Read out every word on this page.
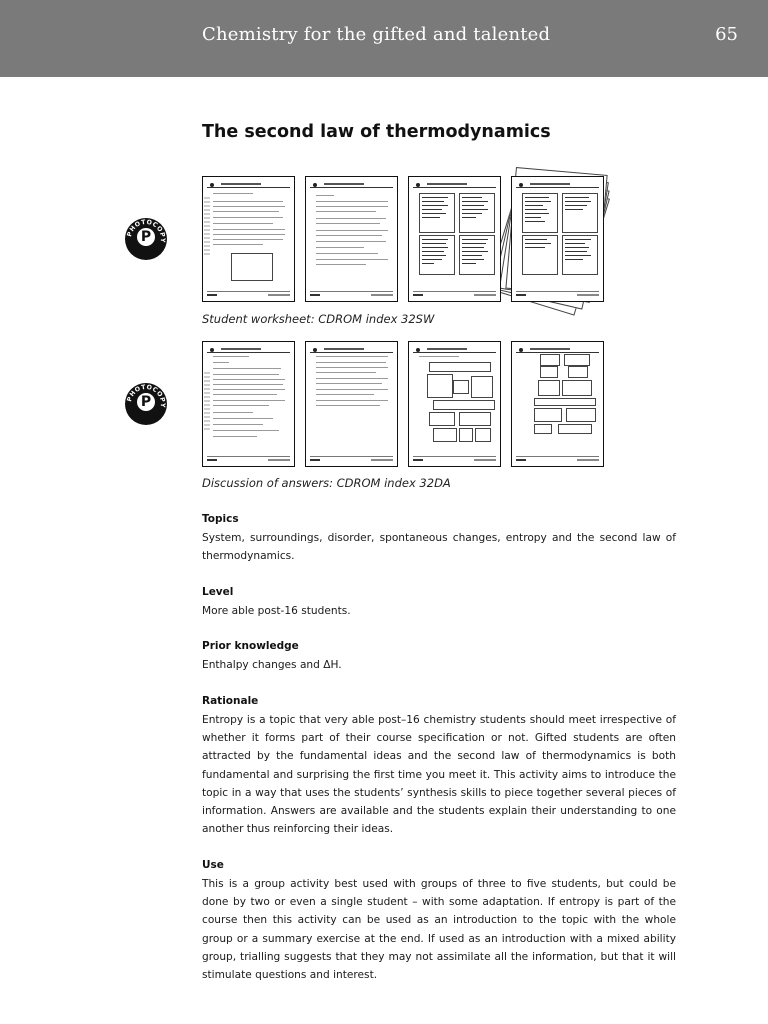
Chemistry for the gifted and talented	65
The second law of thermodynamics
PHOTOCOPY
P
Student worksheet: CDROM index 32SW
PHOTOCOPY
P
Discussion of answers: CDROM index 32DA
Topics

System, surroundings, disorder, spontaneous changes, entropy and the second law of thermodynamics.

Level

More able post-16 students.

Prior knowledge

Enthalpy changes and ΔH.

Rationale

Entropy is a topic that very able post–16 chemistry students should meet irrespective of whether it forms part of their course specification or not. Gifted students are often attracted by the fundamental ideas and the second law of thermodynamics is both fundamental and surprising the first time you meet it. This activity aims to introduce the topic in a way that uses the students’ synthesis skills to piece together several pieces of information. Answers are available and the students explain their understanding to one another thus reinforcing their ideas.

Use

This is a group activity best used with groups of three to five students, but could be done by two or even a single student – with some adaptation. If entropy is part of the course then this activity can be used as an introduction to the topic with the whole group or a summary exercise at the end. If used as an introduction with a mixed ability group, trialling suggests that they may not assimilate all the information, but that it will stimulate questions and interest.
